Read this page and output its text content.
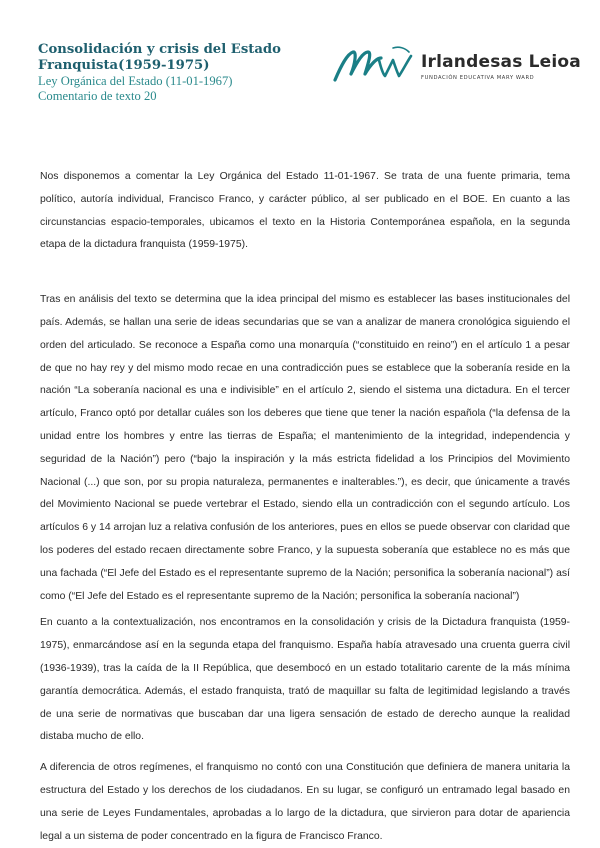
Consolidación y crisis del Estado

Franquista(1959-1975)

Ley Orgánica del Estado (11-01-1967)

Comentario de texto 20

Irlandesas Leioa
FUNDACIÓN EDUCATIVA MARY WARD

Nos disponemos a comentar la Ley Orgánica del Estado 11-01-1967. Se trata de una fuente primaria, tema político, autoría individual, Francisco Franco, y carácter público, al ser publicado en el BOE. En cuanto a las circunstancias espacio-temporales, ubicamos el texto en la Historia Contemporánea española, en la segunda etapa de la dictadura franquista (1959-1975).

Tras en análisis del texto se determina que la idea principal del mismo es establecer las bases institucionales del país. Además, se hallan una serie de ideas secundarias que se van a analizar de manera cronológica siguiendo el orden del articulado. Se reconoce a España como una monarquía (“constituido en reino”) en el artículo 1 a pesar de que no hay rey y del mismo modo recae en una contradicción pues se establece que la soberanía reside en la nación “La soberanía nacional es una e indivisible” en el artículo 2, siendo el sistema una dictadura. En el tercer artículo, Franco optó por detallar cuáles son los deberes que tiene que tener la nación española (“la defensa de la unidad entre los hombres y entre las tierras de España; el mantenimiento de la integridad, independencia y seguridad de la Nación”) pero (“bajo la inspiración y la más estricta fidelidad a los Principios del Movimiento Nacional (...) que son, por su propia naturaleza, permanentes e inalterables.”), es decir, que únicamente a través del Movimiento Nacional se puede vertebrar el Estado, siendo ella un contradicción con el segundo artículo. Los artículos 6 y 14 arrojan luz a relativa confusión de los anteriores, pues en ellos se puede observar con claridad que los poderes del estado recaen directamente sobre Franco, y la supuesta soberanía que establece no es más que una fachada (“El Jefe del Estado es el representante supremo de la Nación; personifica la soberanía nacional”) así como (“El Jefe del Estado es el representante supremo de la Nación; personifica la soberanía nacional”)

En cuanto a la contextualización, nos encontramos en la consolidación y crisis de la Dictadura franquista (1959-1975), enmarcándose así en la segunda etapa del franquismo. España había atravesado una cruenta guerra civil (1936-1939), tras la caída de la II República, que desembocó en un estado totalitario carente de la más mínima garantía democrática. Además, el estado franquista, trató de maquillar su falta de legitimidad legislando a través de una serie de normativas que buscaban dar una ligera sensación de estado de derecho aunque la realidad distaba mucho de ello.

A diferencia de otros regímenes, el franquismo no contó con una Constitución que definiera de manera unitaria la estructura del Estado y los derechos de los ciudadanos. En su lugar, se configuró un entramado legal basado en una serie de Leyes Fundamentales, aprobadas a lo largo de la dictadura, que sirvieron para dotar de apariencia legal a un sistema de poder concentrado en la figura de Francisco Franco.
